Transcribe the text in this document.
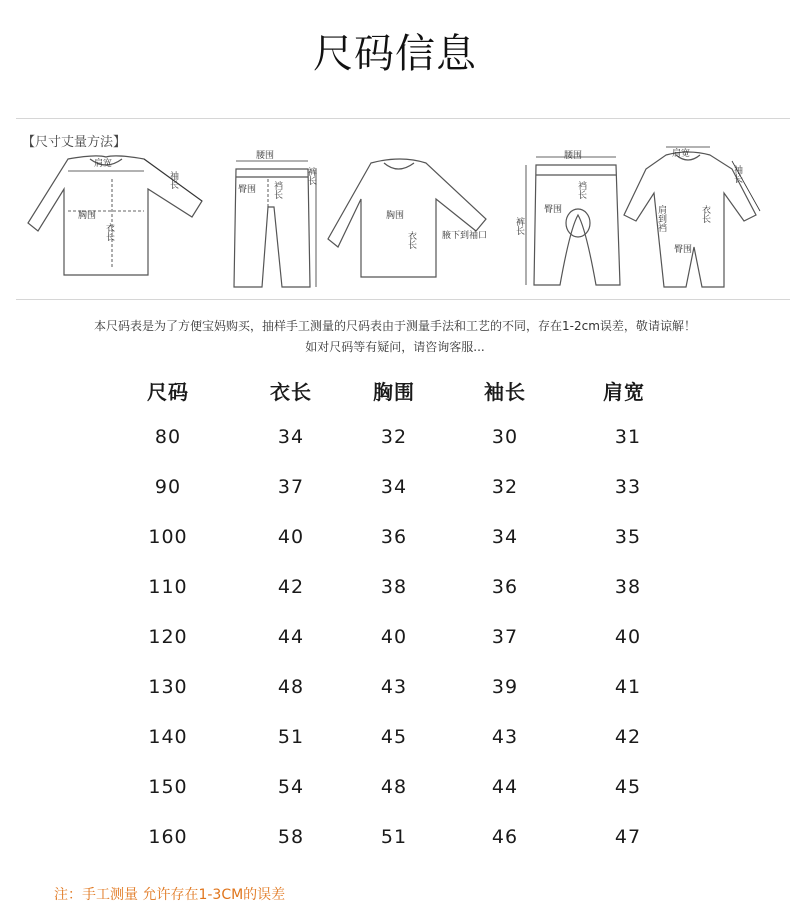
尺码信息
【尺寸丈量方法】
肩宽
袖长
胸围
衣长
腰围
臀围 裆长
裤长
胸围
衣长	腋下到袖口
腰围
裆长
臀围
裤长
肩宽
袖长
肩到裆	衣长
臀围
本尺码表是为了方便宝妈购买，抽样手工测量的尺码表由于测量手法和工艺的不同，存在1-2cm误差，敬请谅解！
如对尺码等有疑问，请咨询客服...
尺码	衣长	胸围	袖长	肩宽
80	34	32	30	31
90	37	34	32	33
100	40	36	34	35
110	42	38	36	38
120	44	40	37	40
130	48	43	39	41
140	51	45	43	42
150	54	48	44	45
160	58	51	46	47
注：手工测量 允许存在1-3CM的误差
